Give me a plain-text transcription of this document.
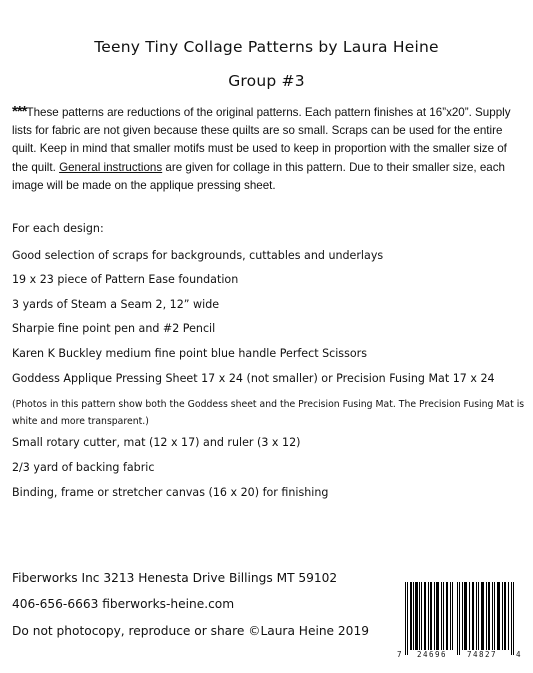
Teeny Tiny Collage Patterns by Laura Heine
Group #3
***These patterns are reductions of the original patterns. Each pattern finishes at 16”x20”. Supply lists for fabric are not given because these quilts are so small. Scraps can be used for the entire quilt. Keep in mind that smaller motifs must be used to keep in proportion with the smaller size of the quilt. General instructions are given for collage in this pattern. Due to their smaller size, each image will be made on the applique pressing sheet.
For each design:
Good selection of scraps for backgrounds, cuttables and underlays
19 x 23 piece of Pattern Ease foundation
3 yards of Steam a Seam 2, 12” wide
Sharpie fine point pen and #2 Pencil
Karen K Buckley medium fine point blue handle Perfect Scissors
Goddess Applique Pressing Sheet 17 x 24 (not smaller) or Precision Fusing Mat 17 x 24
(Photos in this pattern show both the Goddess sheet and the Precision Fusing Mat. The Precision Fusing Mat is white and more transparent.)
Small rotary cutter, mat (12 x 17) and ruler (3 x 12)
2/3 yard of backing fabric
Binding, frame or stretcher canvas (16 x 20) for finishing
Fiberworks Inc 3213 Henesta Drive Billings MT 59102
406-656-6663 fiberworks-heine.com
Do not photocopy, reproduce or share ©Laura Heine 2019
7 24696	74827	4
